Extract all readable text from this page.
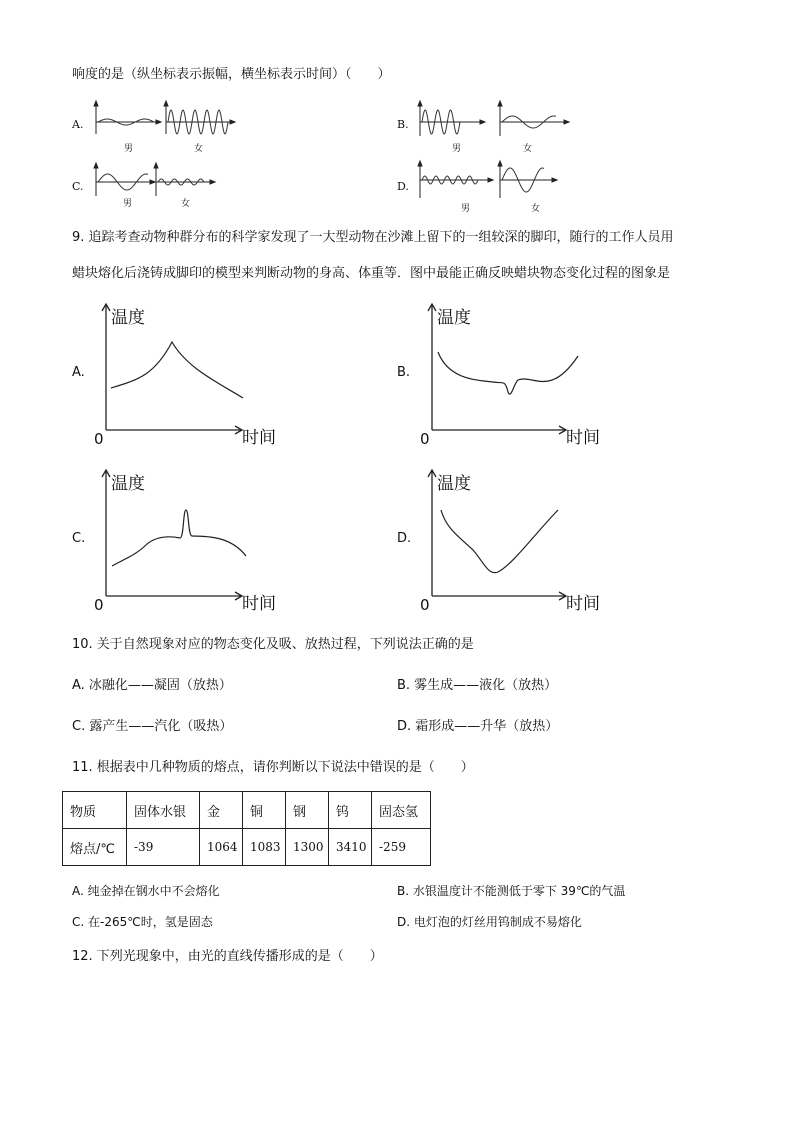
响度的是（纵坐标表示振幅，横坐标表示时间）（　　）
A.
男	女
B.
男	女
C.
男	女
D.
男	女
9. 追踪考查动物种群分布的科学家发现了一大型动物在沙滩上留下的一组较深的脚印，随行的工作人员用
蜡块熔化后浇铸成脚印的模型来判断动物的身高、体重等．图中最能正确反映蜡块物态变化过程的图象是
A.
温度
时间
0
B.
温度
时间
0
C.
温度
时间
0
D.
温度
时间
0
10. 关于自然现象对应的物态变化及吸、放热过程，下列说法正确的是
A. 冰融化——凝固（放热）	B. 雾生成——液化（放热）
C. 露产生——汽化（吸热）	D. 霜形成——升华（放热）
11. 根据表中几种物质的熔点，请你判断以下说法中错误的是（　　）
物质	固体水银	金	铜	钢	钨	固态氢
熔点/℃	-39	1064	1083	1300	3410	-259
A. 纯金掉在钢水中不会熔化	B. 水银温度计不能测低于零下 39℃的气温
C. 在-265℃时，氢是固态	D. 电灯泡的灯丝用钨制成不易熔化
12. 下列光现象中，由光的直线传播形成的是（　　）
